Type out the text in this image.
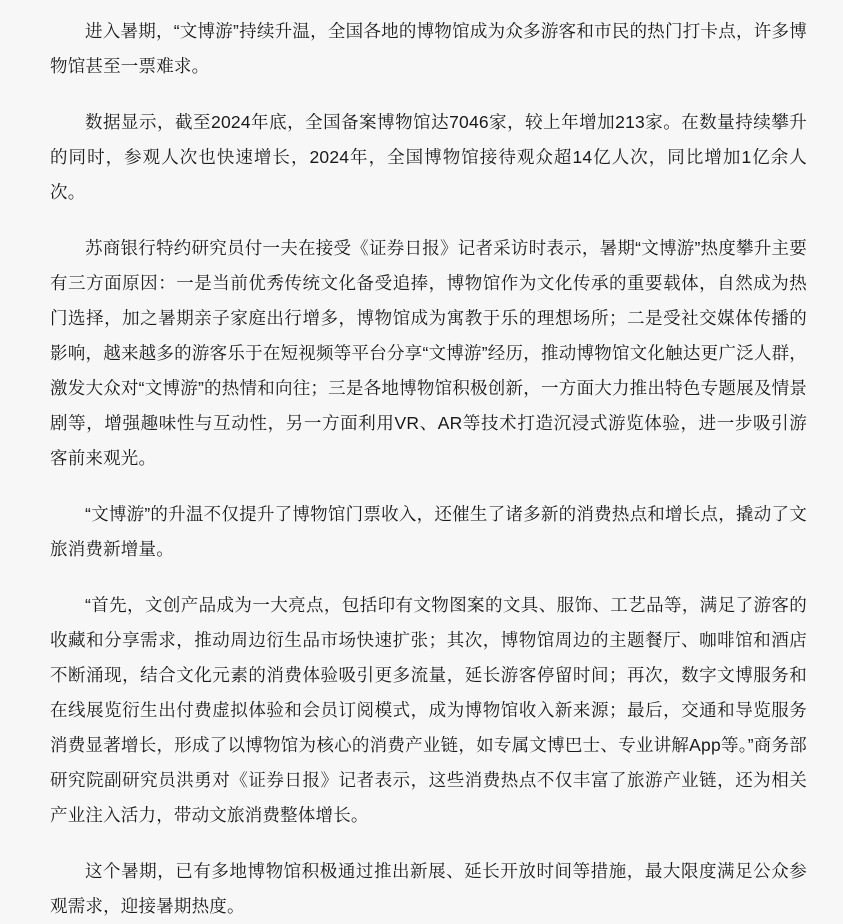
进入暑期，“文博游”持续升温，全国各地的博物馆成为众多游客和市民的热门打卡点，许多博物馆甚至一票难求。

数据显示，截至2024年底，全国备案博物馆达7046家，较上年增加213家。在数量持续攀升的同时，参观人次也快速增长，2024年，全国博物馆接待观众超14亿人次，同比增加1亿余人次。

苏商银行特约研究员付一夫在接受《证券日报》记者采访时表示，暑期“文博游”热度攀升主要有三方面原因：一是当前优秀传统文化备受追捧，博物馆作为文化传承的重要载体，自然成为热门选择，加之暑期亲子家庭出行增多，博物馆成为寓教于乐的理想场所；二是受社交媒体传播的影响，越来越多的游客乐于在短视频等平台分享“文博游”经历，推动博物馆文化触达更广泛人群，激发大众对“文博游”的热情和向往；三是各地博物馆积极创新，一方面大力推出特色专题展及情景剧等，增强趣味性与互动性，另一方面利用VR、AR等技术打造沉浸式游览体验，进一步吸引游客前来观光。

“文博游”的升温不仅提升了博物馆门票收入，还催生了诸多新的消费热点和增长点，撬动了文旅消费新增量。

“首先，文创产品成为一大亮点，包括印有文物图案的文具、服饰、工艺品等，满足了游客的收藏和分享需求，推动周边衍生品市场快速扩张；其次，博物馆周边的主题餐厅、咖啡馆和酒店不断涌现，结合文化元素的消费体验吸引更多流量，延长游客停留时间；再次，数字文博服务和在线展览衍生出付费虚拟体验和会员订阅模式，成为博物馆收入新来源；最后，交通和导览服务消费显著增长，形成了以博物馆为核心的消费产业链，如专属文博巴士、专业讲解App等。”商务部研究院副研究员洪勇对《证券日报》记者表示，这些消费热点不仅丰富了旅游产业链，还为相关产业注入活力，带动文旅消费整体增长。

这个暑期，已有多地博物馆积极通过推出新展、延长开放时间等措施，最大限度满足公众参观需求，迎接暑期热度。
